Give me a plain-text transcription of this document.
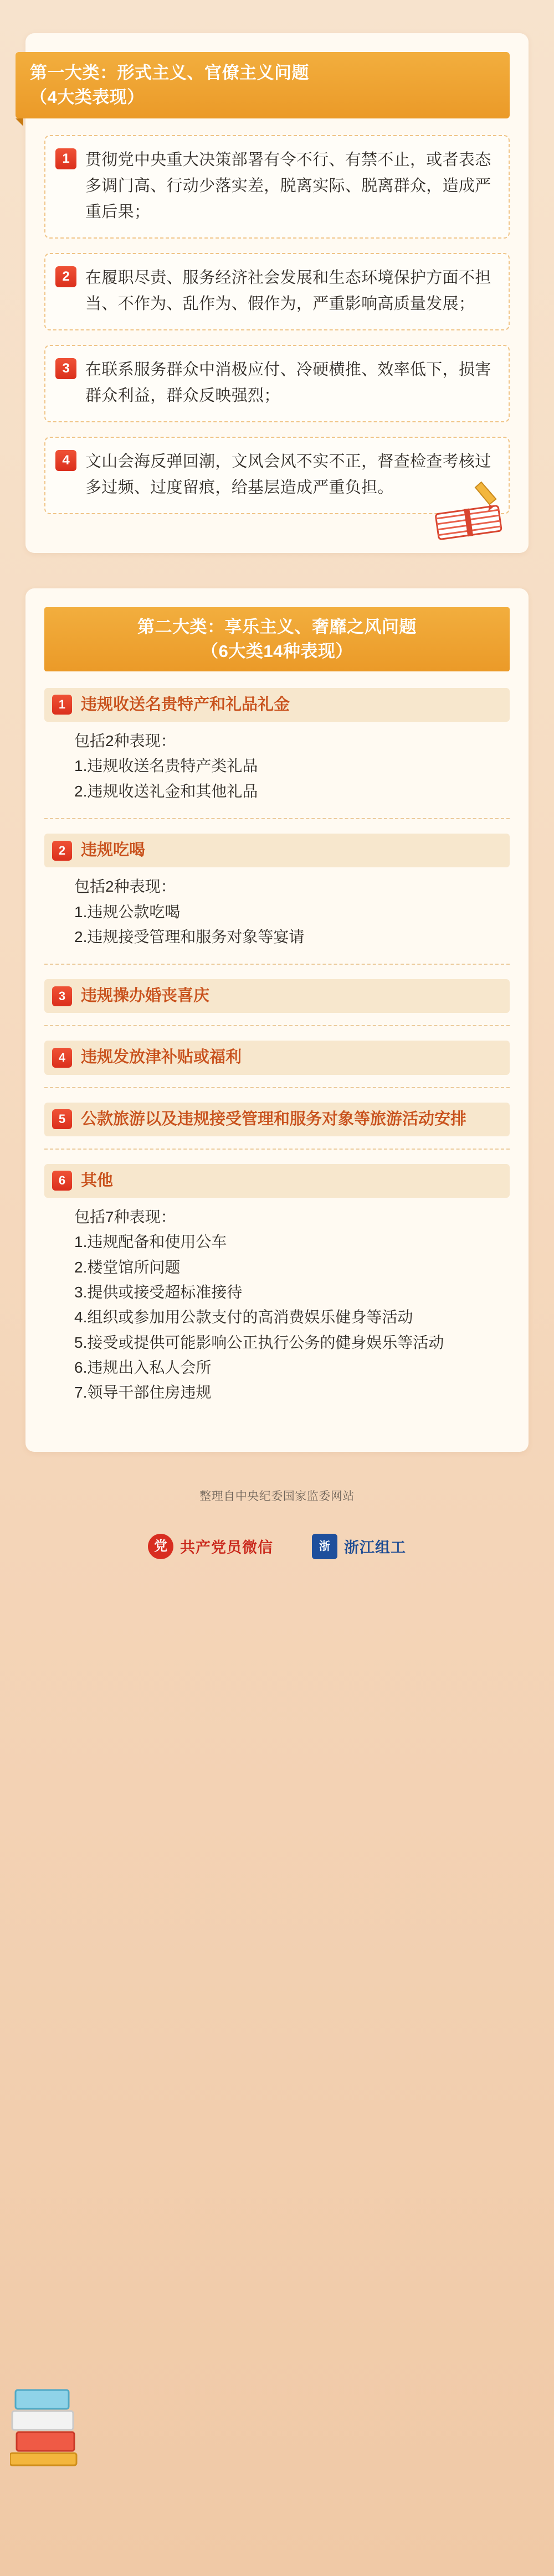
第一大类：形式主义、官僚主义问题
（4大类表现）
1 贯彻党中央重大决策部署有令不行、有禁不止，或者表态多调门高、行动少落实差，脱离实际、脱离群众，造成严重后果；
2 在履职尽责、服务经济社会发展和生态环境保护方面不担当、不作为、乱作为、假作为，严重影响高质量发展；
3 在联系服务群众中消极应付、冷硬横推、效率低下，损害群众利益，群众反映强烈；
4 文山会海反弹回潮，文风会风不实不正，督查检查考核过多过频、过度留痕，给基层造成严重负担。
第二大类：享乐主义、奢靡之风问题
（6大类14种表现）
1 违规收送名贵特产和礼品礼金
包括2种表现：
1.违规收送名贵特产类礼品
2.违规收送礼金和其他礼品
2 违规吃喝
包括2种表现：
1.违规公款吃喝
2.违规接受管理和服务对象等宴请
3 违规操办婚丧喜庆
4 违规发放津补贴或福利
5 公款旅游以及违规接受管理和服务对象等旅游活动安排
6 其他
包括7种表现：
1.违规配备和使用公车
2.楼堂馆所问题
3.提供或接受超标准接待
4.组织或参加用公款支付的高消费娱乐健身等活动
5.接受或提供可能影响公正执行公务的健身娱乐等活动
6.违规出入私人会所
7.领导干部住房违规
整理自中央纪委国家监委网站
党 共产党员微信	浙 浙江组工
